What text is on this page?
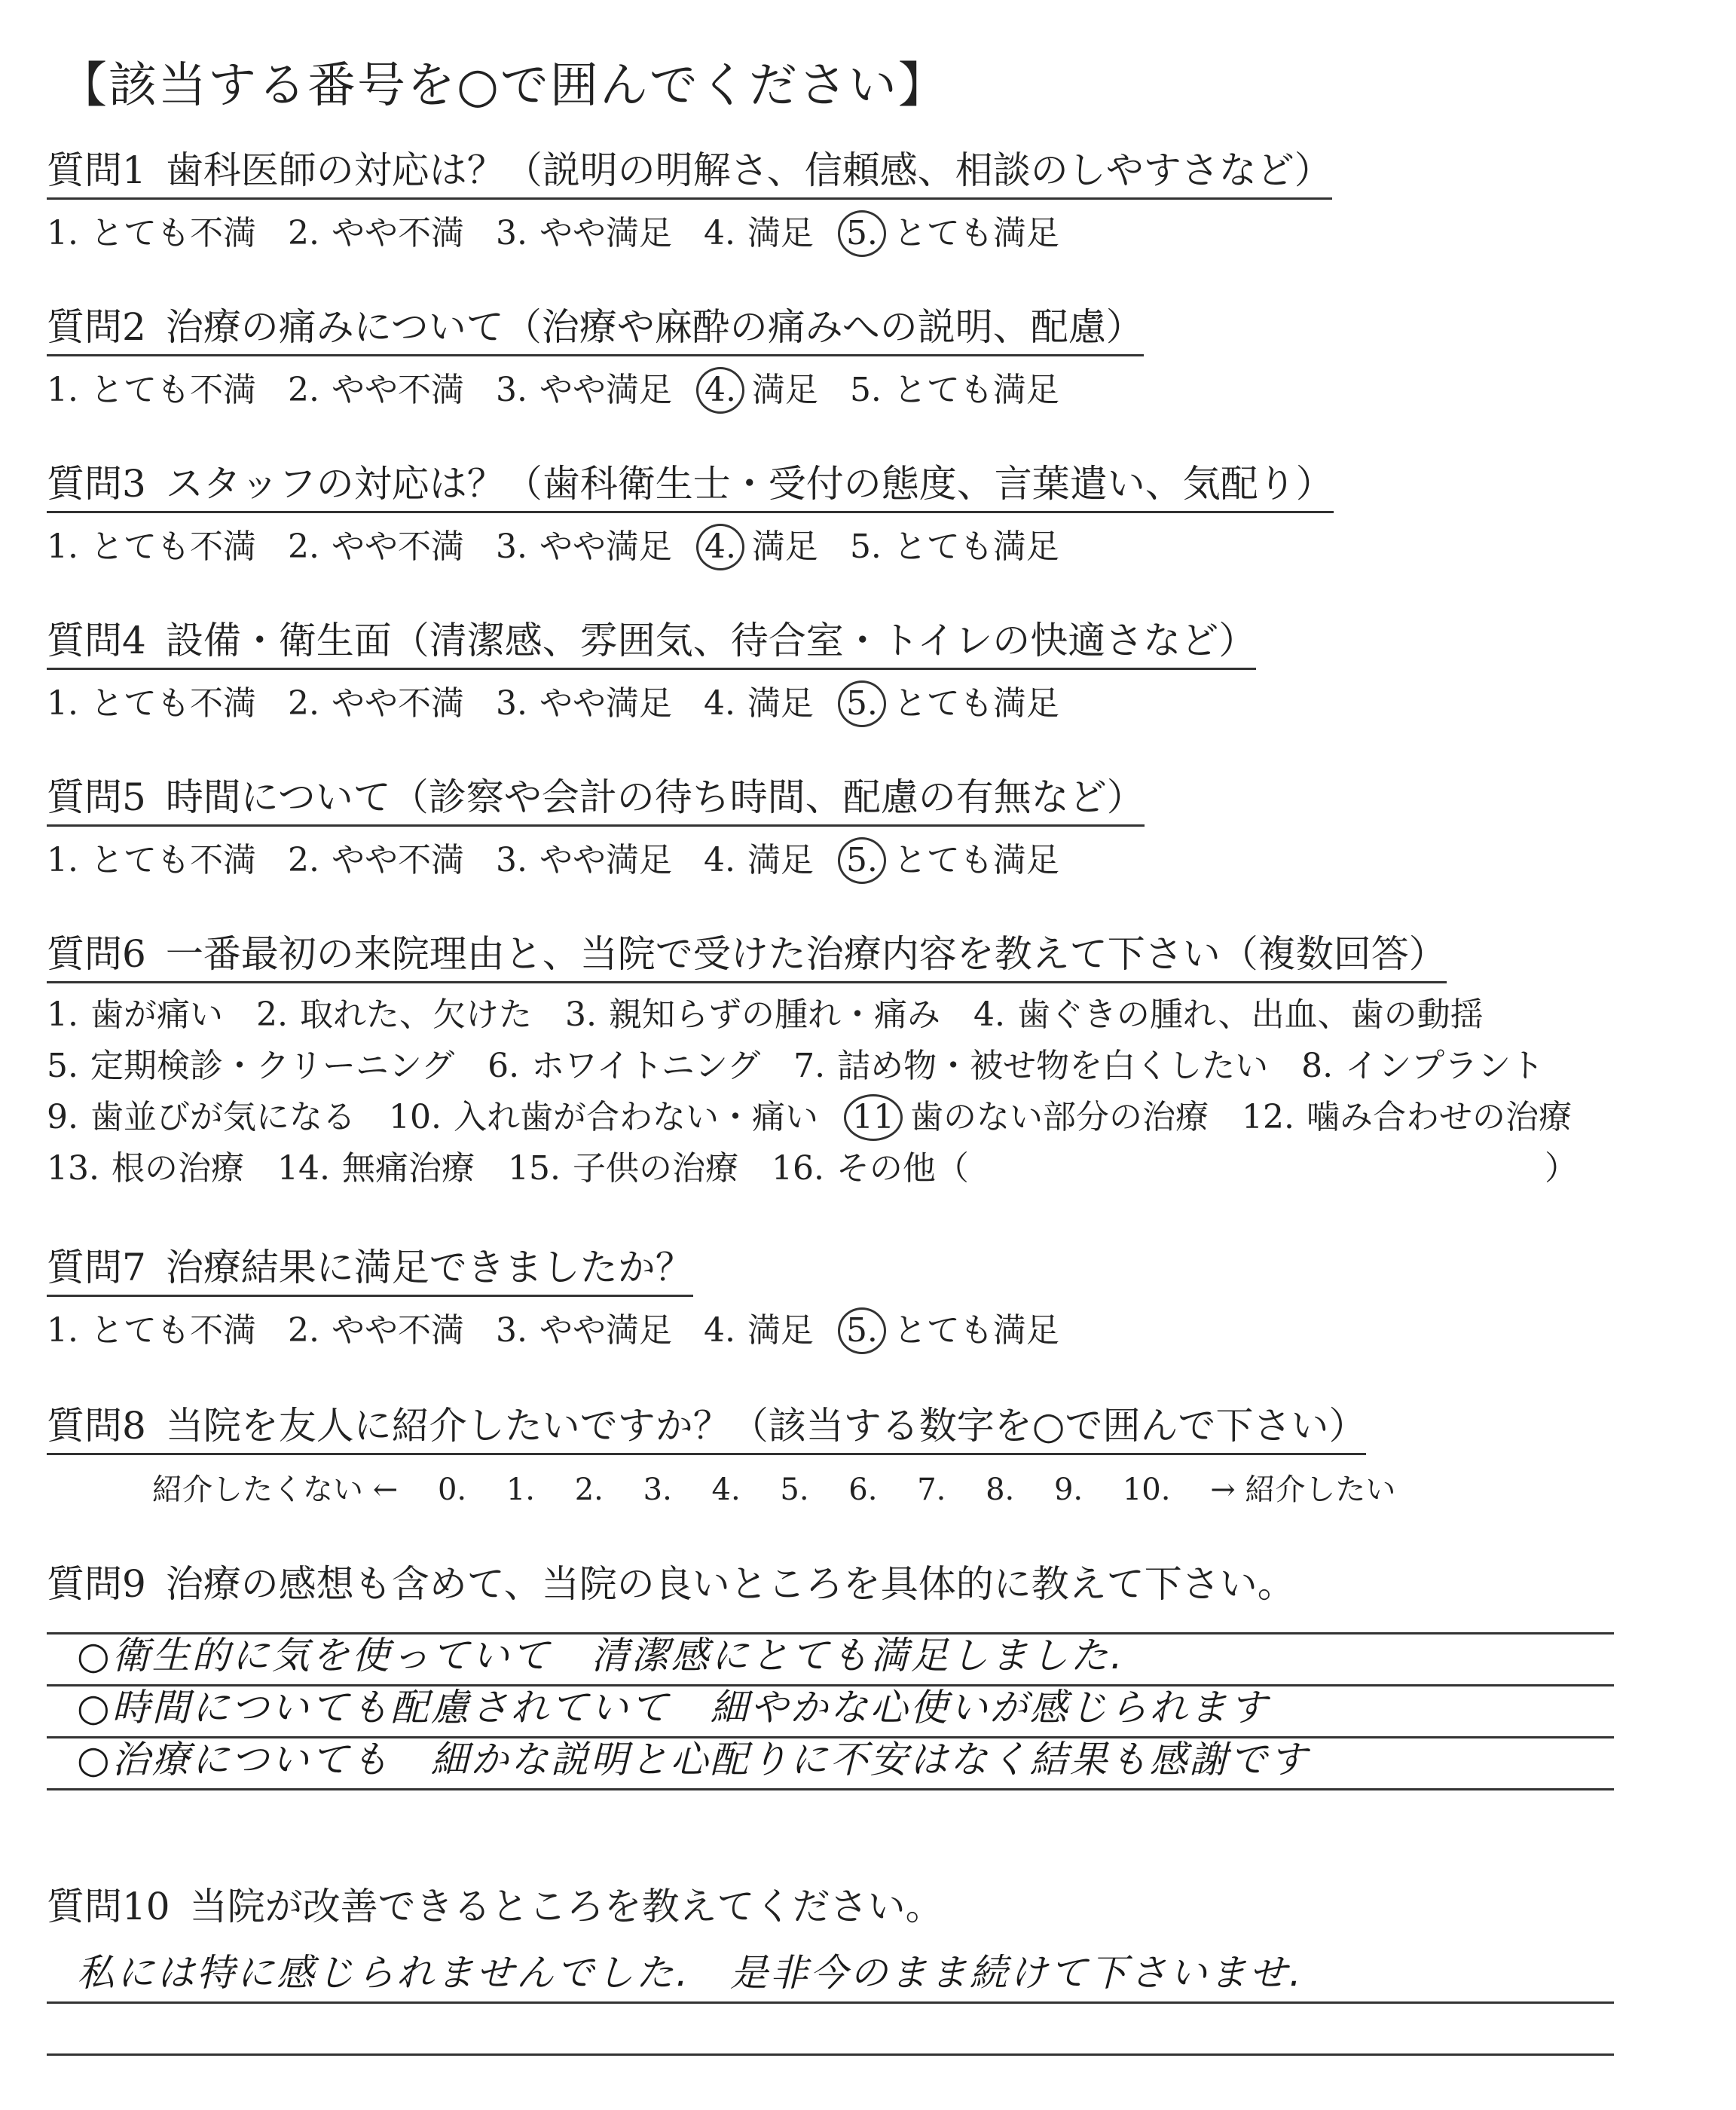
【該当する番号を○で囲んでください】
質問1 歯科医師の対応は？（説明の明解さ、信頼感、相談のしやすさなど）
1. とても不満 2. やや不満 3. やや満足 4. 満足 5. とても満足
質問2 治療の痛みについて（治療や麻酔の痛みへの説明、配慮）
1. とても不満 2. やや不満 3. やや満足 4. 満足 5. とても満足
質問3 スタッフの対応は？（歯科衛生士・受付の態度、言葉遣い、気配り）
1. とても不満 2. やや不満 3. やや満足 4. 満足 5. とても満足
質問4 設備・衛生面（清潔感、雰囲気、待合室・トイレの快適さなど）
1. とても不満 2. やや不満 3. やや満足 4. 満足 5. とても満足
質問5 時間について（診察や会計の待ち時間、配慮の有無など）
1. とても不満 2. やや不満 3. やや満足 4. 満足 5. とても満足
質問6 一番最初の来院理由と、当院で受けた治療内容を教えて下さい（複数回答）
1. 歯が痛い 2. 取れた、欠けた 3. 親知らずの腫れ・痛み 4. 歯ぐきの腫れ、出血、歯の動揺
5. 定期検診・クリーニング 6. ホワイトニング 7. 詰め物・被せ物を白くしたい 8. インプラント
9. 歯並びが気になる 10. 入れ歯が合わない・痛い 11 歯のない部分の治療 12. 噛み合わせの治療
13. 根の治療 14. 無痛治療 15. 子供の治療 16. その他（	）
質問7 治療結果に満足できましたか？
1. とても不満 2. やや不満 3. やや満足 4. 満足 5. とても満足
質問8 当院を友人に紹介したいですか？（該当する数字を○で囲んで下さい）
紹介したくない ← 0. 1. 2. 3. 4. 5. 6. 7. 8. 9. 10. → 紹介したい
質問9 治療の感想も含めて、当院の良いところを具体的に教えて下さい。
○衛生的に気を使っていて　清潔感にとても満足しました.
○時間についても配慮されていて　細やかな心使いが感じられます
○治療についても　細かな説明と心配りに不安はなく結果も感謝です
質問10 当院が改善できるところを教えてください。
私には特に感じられませんでした.　是非今のまま続けて下さいませ.
